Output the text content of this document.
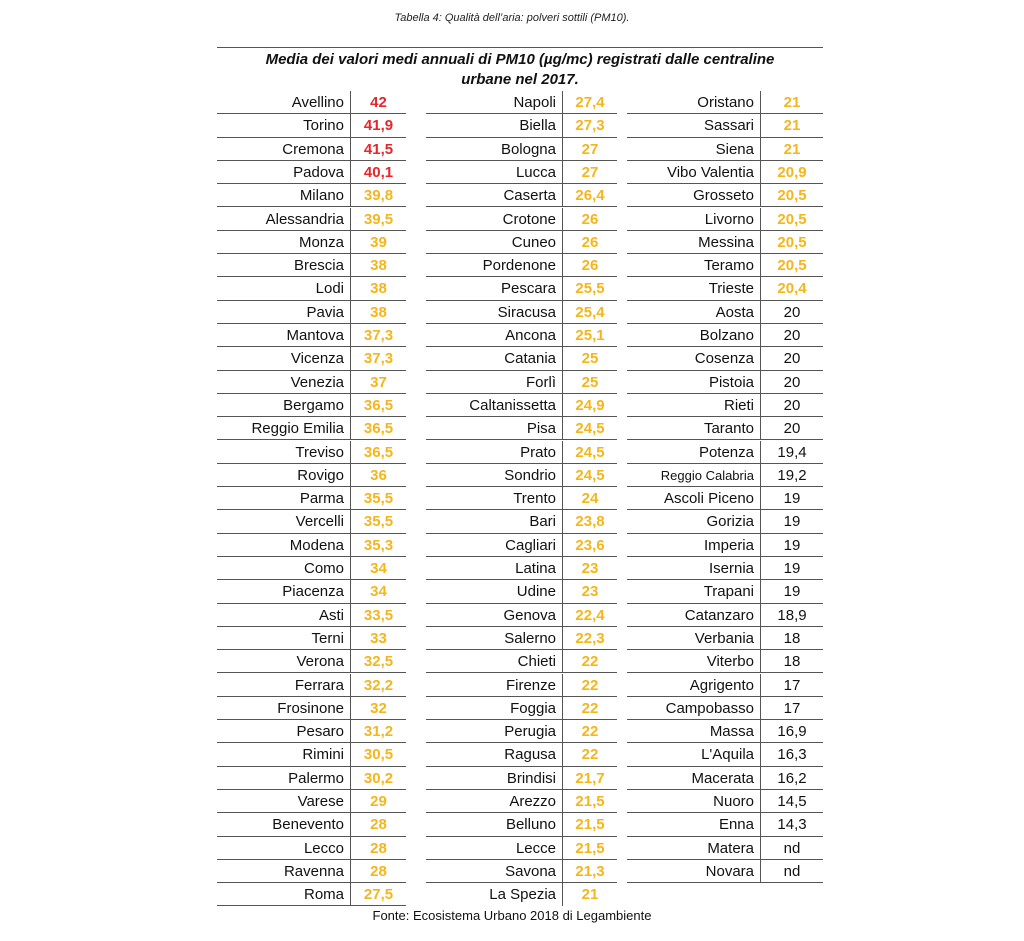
Tabella 4: Qualità dell’aria: polveri sottili (PM10).
Media dei valori medi annuali di PM10 (µg/mc) registrati dalle centraline
urbane nel 2017.
Avellino	42
Torino	41,9
Cremona	41,5
Padova	40,1
Milano	39,8
Alessandria	39,5
Monza	39
Brescia	38
Lodi	38
Pavia	38
Mantova	37,3
Vicenza	37,3
Venezia	37
Bergamo	36,5
Reggio Emilia	36,5
Treviso	36,5
Rovigo	36
Parma	35,5
Vercelli	35,5
Modena	35,3
Como	34
Piacenza	34
Asti	33,5
Terni	33
Verona	32,5
Ferrara	32,2
Frosinone	32
Pesaro	31,2
Rimini	30,5
Palermo	30,2
Varese	29
Benevento	28
Lecco	28
Ravenna	28
Roma	27,5
Napoli	27,4
Biella	27,3
Bologna	27
Lucca	27
Caserta	26,4
Crotone	26
Cuneo	26
Pordenone	26
Pescara	25,5
Siracusa	25,4
Ancona	25,1
Catania	25
Forlì	25
Caltanissetta	24,9
Pisa	24,5
Prato	24,5
Sondrio	24,5
Trento	24
Bari	23,8
Cagliari	23,6
Latina	23
Udine	23
Genova	22,4
Salerno	22,3
Chieti	22
Firenze	22
Foggia	22
Perugia	22
Ragusa	22
Brindisi	21,7
Arezzo	21,5
Belluno	21,5
Lecce	21,5
Savona	21,3
La Spezia	21
Oristano	21
Sassari	21
Siena	21
Vibo Valentia	20,9
Grosseto	20,5
Livorno	20,5
Messina	20,5
Teramo	20,5
Trieste	20,4
Aosta	20
Bolzano	20
Cosenza	20
Pistoia	20
Rieti	20
Taranto	20
Potenza	19,4
Reggio Calabria	19,2
Ascoli Piceno	19
Gorizia	19
Imperia	19
Isernia	19
Trapani	19
Catanzaro	18,9
Verbania	18
Viterbo	18
Agrigento	17
Campobasso	17
Massa	16,9
L'Aquila	16,3
Macerata	16,2
Nuoro	14,5
Enna	14,3
Matera	nd
Novara	nd
Fonte: Ecosistema Urbano 2018 di Legambiente
